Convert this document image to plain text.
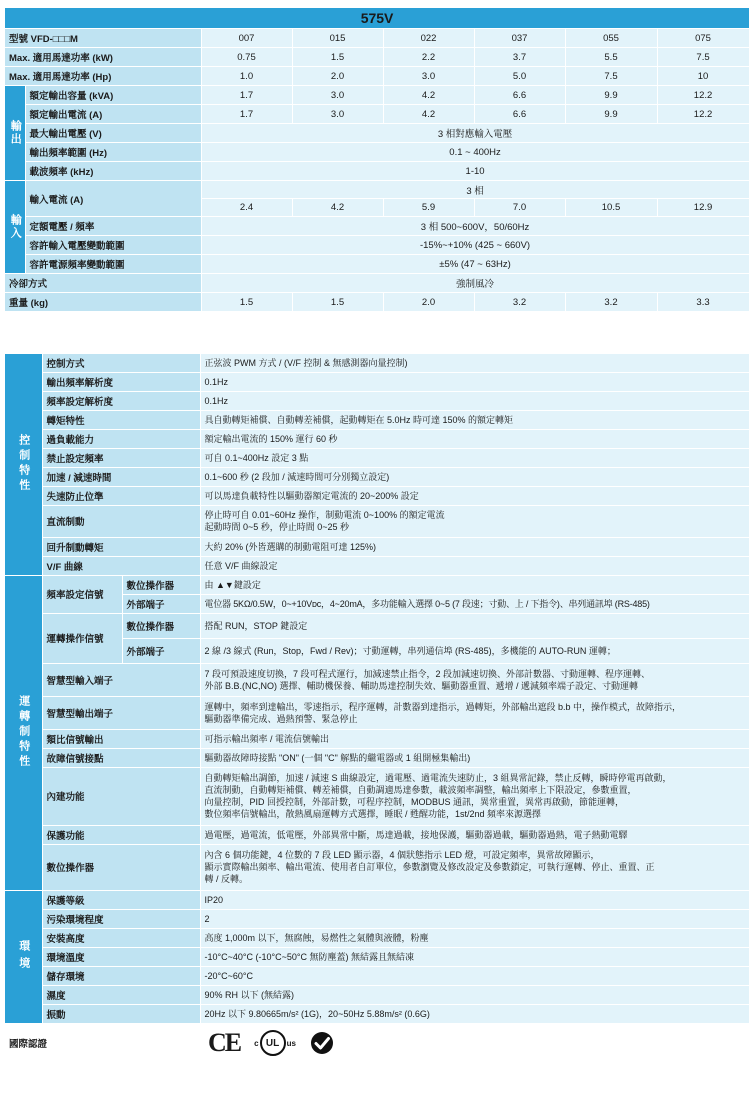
575V							
型號 VFD-□□□M		007	015	022	037	055	075
Max. 適用馬達功率 (kW)		0.75	1.5	2.2	3.7	5.5	7.5
Max. 適用馬達功率 (Hp)		1.0	2.0	3.0	5.0	7.5	10
輸出	額定輸出容量 (kVA)	1.7	3.0	4.2	6.6	9.9	12.2
	額定輸出電流 (A)	1.7	3.0	4.2	6.6	9.9	12.2
	最大輸出電壓 (V)	3 相對應輸入電壓					
	輸出頻率範圍 (Hz)	0.1 ~ 400Hz					
	載波頻率 (kHz)	1-10					
輸入	輸入電流 (A)	3 相					
		2.4	4.2	5.9	7.0	10.5	12.9
	定額電壓 / 頻率	3 相 500~600V，50/60Hz					
	容許輸入電壓變動範圍	-15%~+10% (425 ~ 660V)					
	容許電源頻率變動範圍	±5% (47 ~ 63Hz)					
冷卻方式		強制風冷					
重量 (kg)		1.5	1.5	2.0	3.2	3.2	3.3
控制特性	控制方式		正弦波 PWM 方式 / (V/F 控制 & 無感測器向量控制)
	輸出頻率解析度		0.1Hz
	頻率設定解析度		0.1Hz
	轉矩特性		具自動轉矩補償、自動轉差補償，起動轉矩在 5.0Hz 時可達 150% 的額定轉矩
	過負載能力		額定輸出電流的 150% 運行 60 秒
	禁止設定頻率		可自 0.1~400Hz 設定 3 點
	加速 / 減速時間		0.1~600 秒 (2 段加 / 減速時間可分別獨立設定)
	失速防止位準		可以馬達負載特性以驅動器額定電流的 20~200% 設定
	直流制動		停止時可自 0.01~60Hz 操作，制動電流 0~100% 的額定電流
起動時間 0~5 秒，停止時間 0~25 秒

	回升制動轉矩		大約 20% (外皆選購的制動電阻可達 125%)
	V/F 曲線		任意 V/F 曲線設定
運轉制特性	頻率設定信號	數位操作器	由 ▲▼鍵設定
		外部端子	電位器 5KΩ/0.5W，0~+10Vᴅᴄ，4~20mA，多功能輸入選擇 0~5 (7 段速；寸動、上 / 下指令)、串列通訊埠 (RS-485)
	運轉操作信號	數位操作器	搭配 RUN，STOP 鍵設定
		外部端子	2 線 /3 線式 (Run，Stop，Fwd / Rev)；寸動運轉，串列通信埠 (RS-485)，多機能的 AUTO-RUN 運轉；
	智慧型輸入端子		7 段可預設速度切換，7 段可程式運行，加減速禁止指令，2 段加減速切換、外部計數器、寸動運轉、程序運轉、
外部 B.B.(NC,NO) 選擇、輔助機保養、輔助馬達控制失效、驅動器重置、遞增 / 遞減頻率端子設定、寸動運轉

	智慧型輸出端子		運轉中，頻率到達輸出，零速指示，程序運轉，計數器到達指示，過轉矩，外部輸出遮段 b.b 中，操作模式，故障指示，
驅動器準備完成、過熱預警、緊急停止

	類比信號輸出		可指示輸出頻率 / 電流信號輸出
	故障信號接點		驅動器故障時接點 "ON" (一個 "C" 解點的繼電器或 1 組開極集輸出)
	內建功能		自動轉矩輸出調節，加速 / 減速 S 曲線設定，過電壓、過電流失速防止，3 組異常記錄，禁止反轉，瞬時停電再啟動，
直流制動，自動轉矩補償、轉差補償，自動調適馬達參數，載波頻率調整，輸出頻率上下限設定，參數重置，
向量控制，PID 回授控制，外部計數，可程序控制，MODBUS 通訊，異常重置，異常再啟動，節能運轉，
數位頻率信號輸出，散熱風扇運轉方式選擇，睡眠 / 甦醒功能，1st/2nd 頻率來源選擇

	保護功能		過電壓，過電流，低電壓，外部異常中斷，馬達過載，接地保護，驅動器過載，驅動器過熱，電子熱動電驛
	數位操作器		內含 6 個功能鍵，4 位數的 7 段 LED 顯示器，4 個狀態指示 LED 燈，可設定頻率，異常故障顯示，
顯示實際輸出頻率、輸出電流、使用者自訂單位，參數瀏覽及修改設定及參數鎖定，可執行運轉、停止、重置、正
轉 / 反轉。

環境	保護等級		IP20
	污染環境程度		2
	安裝高度		高度 1,000m 以下，無腐蝕，易燃性之氣體與液體，粉塵
	環境溫度		-10°C~40°C (-10°C~50°C 無防塵蓋) 無結露且無結凍
	儲存環境		-20°C~60°C
	濕度		90% RH 以下 (無結露)
	振動		20Hz 以下 9.80665m/s² (1G)，20~50Hz 5.88m/s² (0.6G)
國際認證			CE c UL us
